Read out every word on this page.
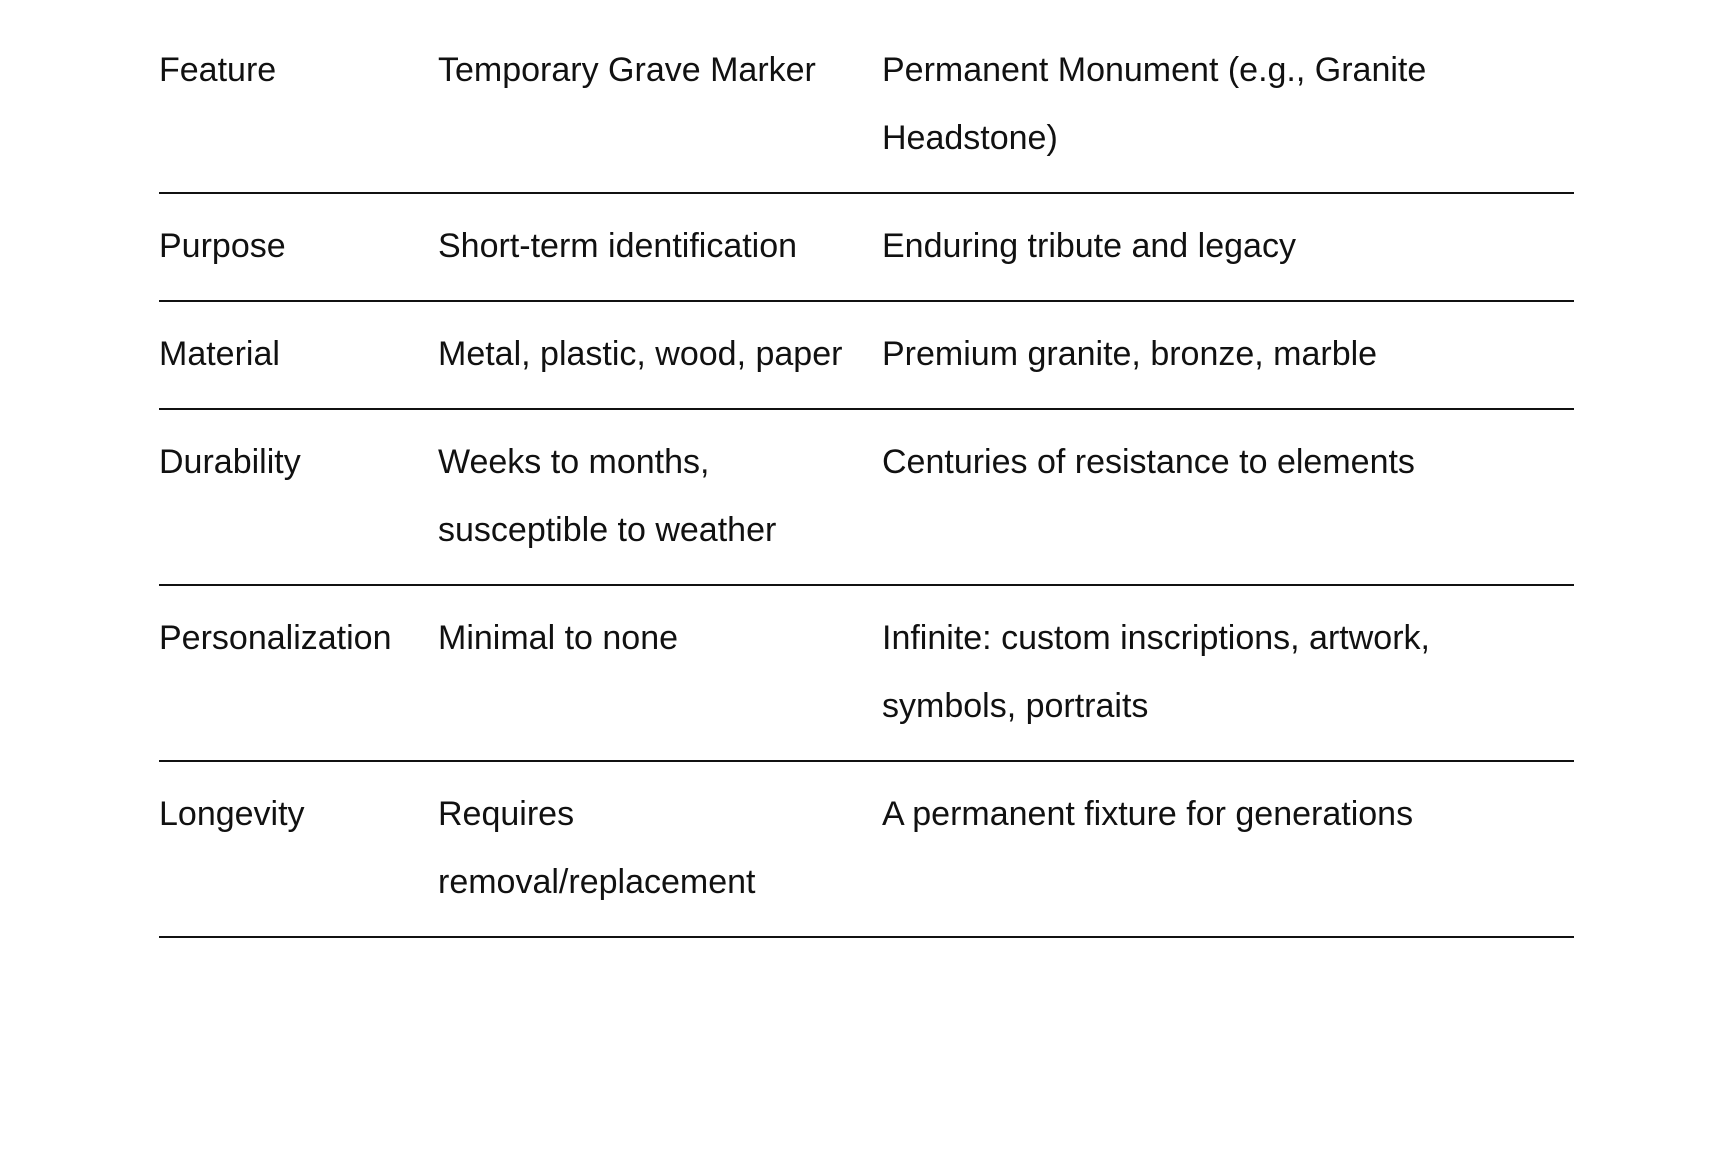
Feature	Temporary Grave Marker	Permanent Monument (e.g., Granite Headstone)

Purpose	Short-term identification	Enduring tribute and legacy

Material	Metal, plastic, wood, paper	Premium granite, bronze, marble

Durability	Weeks to months, susceptible to weather	Centuries of resistance to elements

Personalization	Minimal to none	Infinite: custom inscriptions, artwork, symbols, portraits

Longevity	Requires removal/replacement	A permanent fixture for generations
